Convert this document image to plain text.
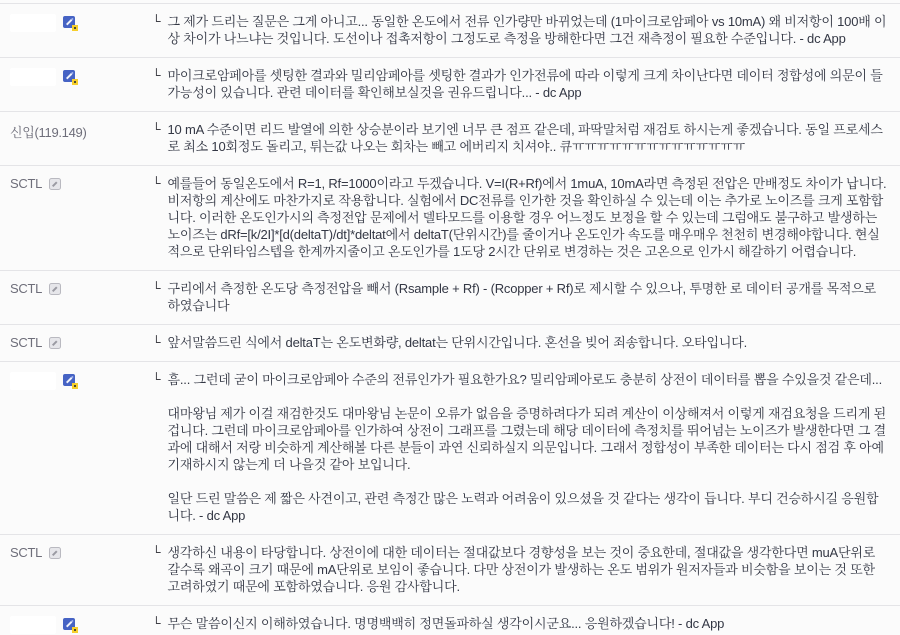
└ 그 제가 드리는 질문은 그게 아니고... 동일한 온도에서 전류 인가량만 바뀌었는데 (1마이크로암페아 vs 10mA) 왜 비저항이 100배 이상 차이가 나느냐는 것입니다. 도선이나 접촉저항이 그정도로 측정을 방해한다면 그건 재측정이 필요한 수준입니다. - dc App
└ 마이크로암페아를 셋팅한 결과와 밀리암페아를 셋팅한 결과가 인가전류에 따라 이렇게 크게 차이난다면 데이터 정합성에 의문이 들 가능성이 있습니다. 관련 데이터를 확인해보실것을 권유드립니다... - dc App
신입(119.149)	└ 10 mA 수준이면 리드 발열에 의한 상승분이라 보기엔 너무 큰 점프 같은데, 파딱말처럼 재검토 하시는게 좋겠습니다. 동일 프로세스로 최소 10회정도 돌리고, 튀는값 나오는 회차는 빼고 에버리지 치셔야.. 큐ㅠㅠㅠㅠㅠㅠㅠㅠㅠㅠㅠㅠㅠㅠ
SCTL	└ 예를들어 동일온도에서 R=1, Rf=1000이라고 두겠습니다. V=I(R+Rf)에서 1muA, 10mA라면 측정된 전압은 만배정도 차이가 납니다. 비저항의 계산에도 마찬가지로 작용합니다. 실험에서 DC전류를 인가한 것을 확인하실 수 있는데 이는 추가로 노이즈를 크게 포함합니다. 이러한 온도인가시의 측정전압 문제에서 델타모드를 이용할 경우 어느정도 보정을 할 수 있는데 그럼애도 불구하고 발생하는 노이즈는 dRf=[k/2I]*[d(deltaT)/dt]*deltat에서 deltaT(단위시간)를 줄이거나 온도인가 속도를 매우매우 천천히 변경해야합니다. 현실적으로 단위타임스텝을 한계까지줄이고 온도인가를 1도당 2시간 단위로 변경하는 것은 고온으로 인가시 해갈하기 어렵습니다.
SCTL	└ 구리에서 측정한 온도당 측정전압을 빼서 (Rsample + Rf) - (Rcopper + Rf)로 제시할 수 있으나, 투명한 로 데이터 공개를 목적으로 하였습니다
SCTL	└ 앞서말씀드린 식에서 deltaT는 온도변화량, deltat는 단위시간입니다. 혼선을 빚어 죄송합니다. 오타입니다.
└ 흠... 그런데 굳이 마이크로암페아 수준의 전류인가가 필요한가요? 밀리암페아로도 충분히 상전이 데이터를 뽑을 수있을것 같은데...

대마왕님 제가 이걸 재검한것도 대마왕님 논문이 오류가 없음을 증명하려다가 되려 계산이 이상해져서 이렇게 재검요청을 드리게 된 겁니다. 그런데 마이크로암페아를 인가하여 상전이 그래프를 그렸는데 해당 데이터에 측정치를 뛰어넘는 노이즈가 발생한다면 그 결과에 대해서 저랑 비슷하게 계산해볼 다른 분들이 과연 신뢰하실지 의문입니다. 그래서 정합성이 부족한 데이터는 다시 점검 후 아예 기재하시지 않는게 더 나을것 같아 보입니다.

일단 드린 말씀은 제 짧은 사견이고, 관련 측정간 많은 노력과 어려움이 있으셨을 것 같다는 생각이 듭니다. 부디 건승하시길 응원합니다. - dc App

SCTL	└ 생각하신 내용이 타당합니다. 상전이에 대한 데이터는 절대값보다 경향성을 보는 것이 중요한데, 절대값을 생각한다면 muA단위로 갈수록 왜곡이 크기 때문에 mA단위로 보임이 좋습니다. 다만 상전이가 발생하는 온도 범위가 원저자들과 비슷함을 보이는 것 또한 고려하였기 때문에 포함하였습니다. 응원 감사합니다.
└ 무슨 말씀이신지 이해하였습니다. 명명백백히 정면돌파하실 생각이시군요... 응원하겠습니다! - dc App
